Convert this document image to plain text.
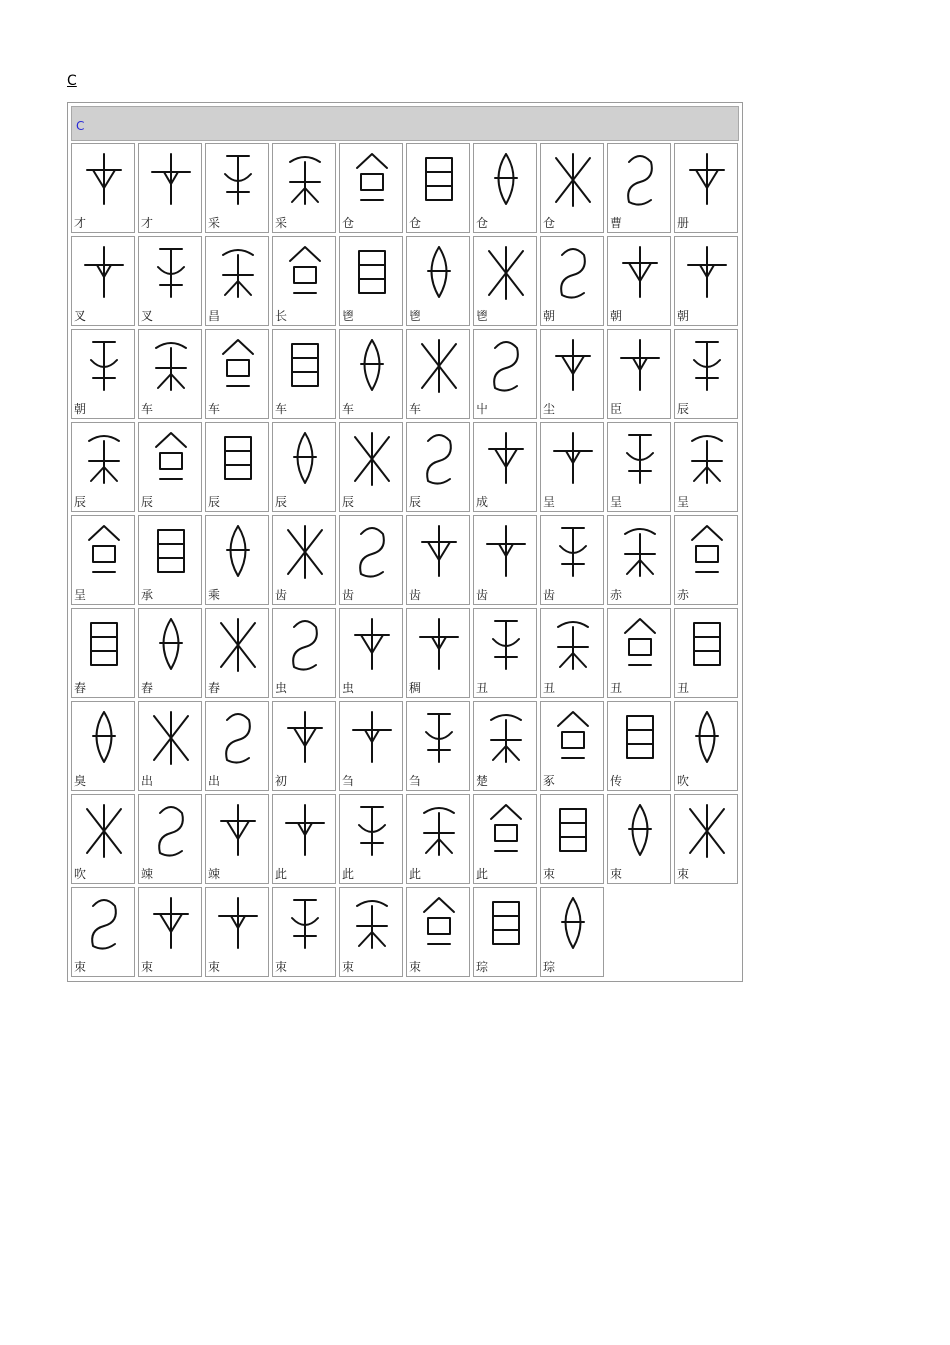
C
C
才	才	采	采	仓	仓	仓	仓	曹	册
叉	叉	昌	长	鬯	鬯	鬯	朝	朝	朝
朝	车	车	车	车	车	屮	尘	臣	辰
辰	辰	辰	辰	辰	辰	成	呈	呈	呈
呈	承	乘	齿	齿	齿	齿	齿	赤	赤
舂	舂	舂	虫	虫	稠	丑	丑	丑	丑
臭	出	出	初	刍	刍	楚	豖	传	吹
吹	竦	竦	此	此	此	此	朿	朿	朿
朿	朿	朿	朿	朿	朿	琮	琮
